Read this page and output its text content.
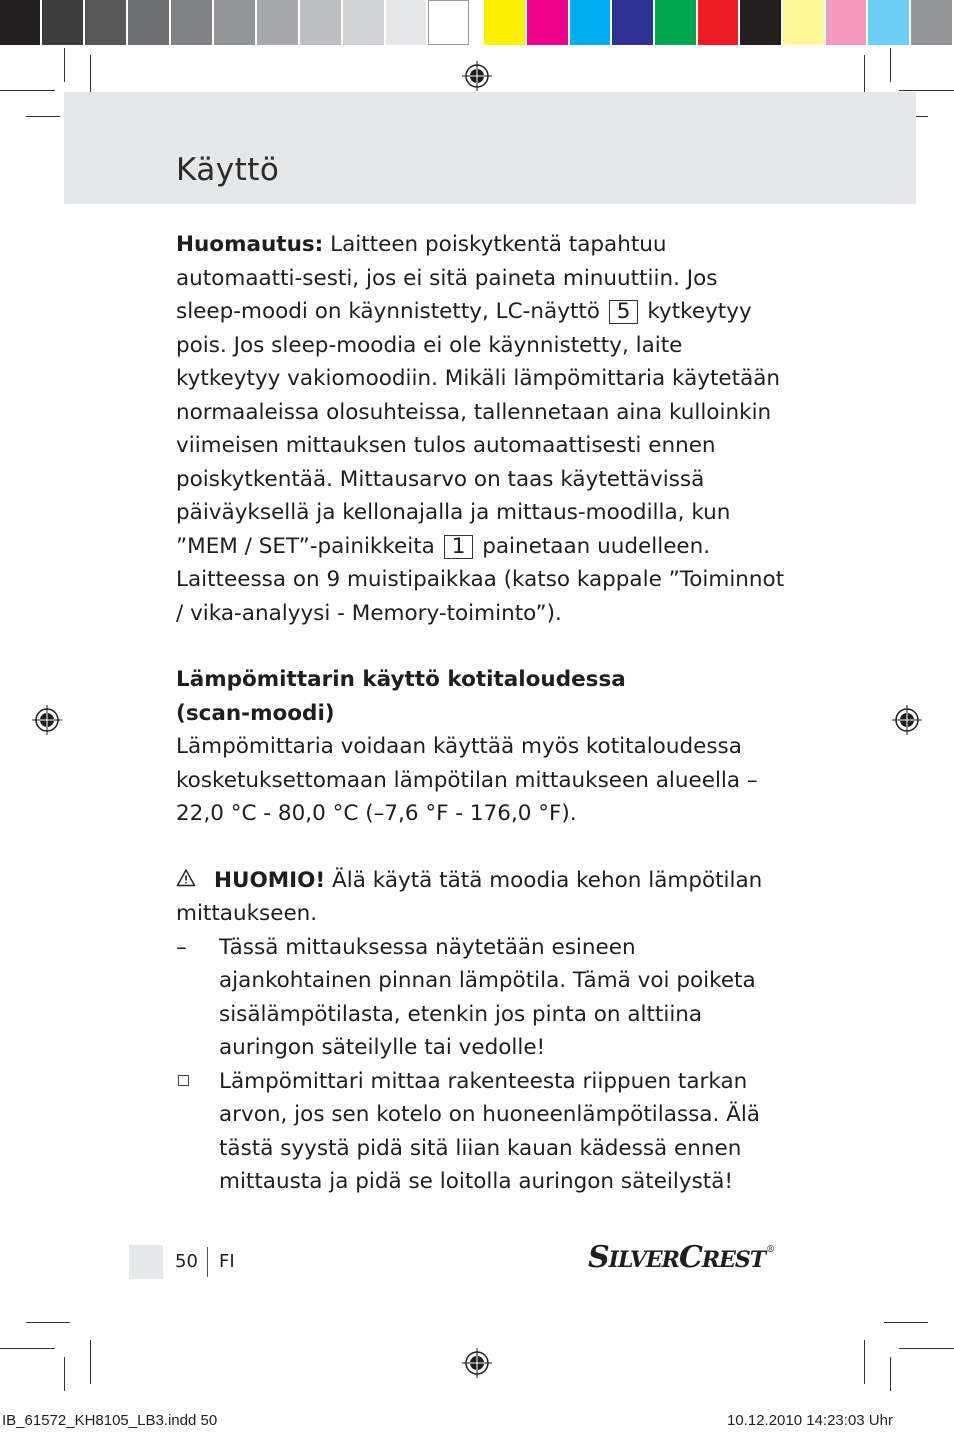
Käyttö

Huomautus: Laitteen poiskytkentä tapahtuu automaatti-sesti, jos ei sitä paineta minuuttiin. Jos sleep-moodi on käynnistetty, LC-näyttö 5 kytkeytyy pois. Jos sleep-moodia ei ole käynnistetty, laite kytkeytyy vakiomoodiin. Mikäli lämpömittaria käytetään normaaleissa olosuhteissa, tallennetaan aina kulloinkin viimeisen mittauksen tulos automaattisesti ennen poiskytkentää. Mittausarvo on taas käytettävissä päiväyksellä ja kellonajalla ja mittaus-moodilla, kun ”MEM / SET”-painikkeita 1 painetaan uudelleen. Laitteessa on 9 muistipaikkaa (katso kappale ”Toiminnot / vika-analyysi - Memory-toiminto”).

Lämpömittarin käyttö kotitaloudessa
(scan-moodi)

Lämpömittaria voidaan käyttää myös kotitaloudessa kosketuksettomaan lämpötilan mittaukseen alueella –22,0 °C - 80,0 °C (–7,6 °F - 176,0 °F).

HUOMIO! Älä käytä tätä moodia kehon lämpötilan mittaukseen.

–	Tässä mittauksessa näytetään esineen ajankohtainen pinnan lämpötila. Tämä voi poiketa sisälämpötilasta, etenkin jos pinta on alttiina auringon säteilylle tai vedolle!
Lämpömittari mittaa rakenteesta riippuen tarkan arvon, jos sen kotelo on huoneenlämpötilassa. Älä tästä syystä pidä sitä liian kauan kädessä ennen mittausta ja pidä se loitolla auringon säteilystä!
50 FI	SILVERCREST®
IB_61572_KH8105_LB3.indd 50	10.12.2010 14:23:03 Uhr
